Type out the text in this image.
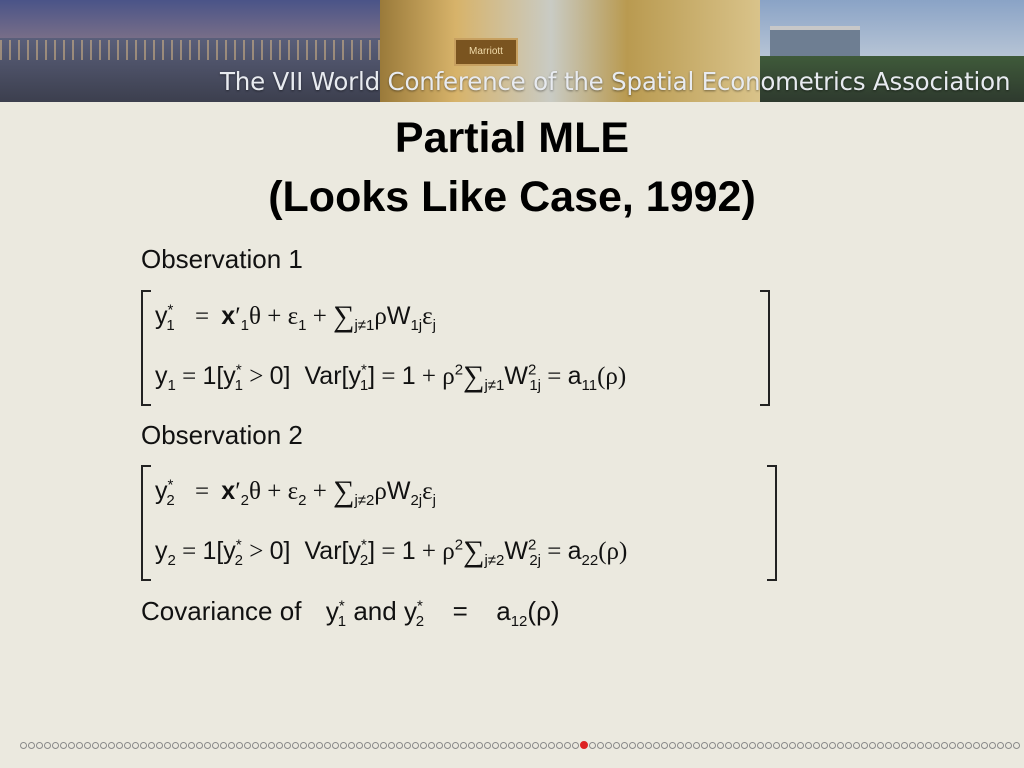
Marriott
The VII World Conference of the Spatial Econometrics Association
Partial MLE
(Looks Like Case, 1992)
Observation 1
$y^*_1 = x'_1\theta + \varepsilon_1 + \sum_{j\ne 1}\rho W_{1j}\varepsilon_j$
$y_1 = 1[y^*_1 > 0] Var[y^*_1] = 1 + \rho^2\sum_{j\ne 1}W^2_{1j} = a_{11}(\rho)$
Observation 2
$y^*_2 = x'_2\theta + \varepsilon_2 + \sum_{j\ne 2}\rho W_{2j}\varepsilon_j$
$y_2 = 1[y^*_2 > 0] Var[y^*_2] = 1 + \rho^2\sum_{j\ne 2}W^2_{2j} = a_{22}(\rho)$
Covariance of $y^*_1$ and $y^*_2 = a_{12}(\rho)$
